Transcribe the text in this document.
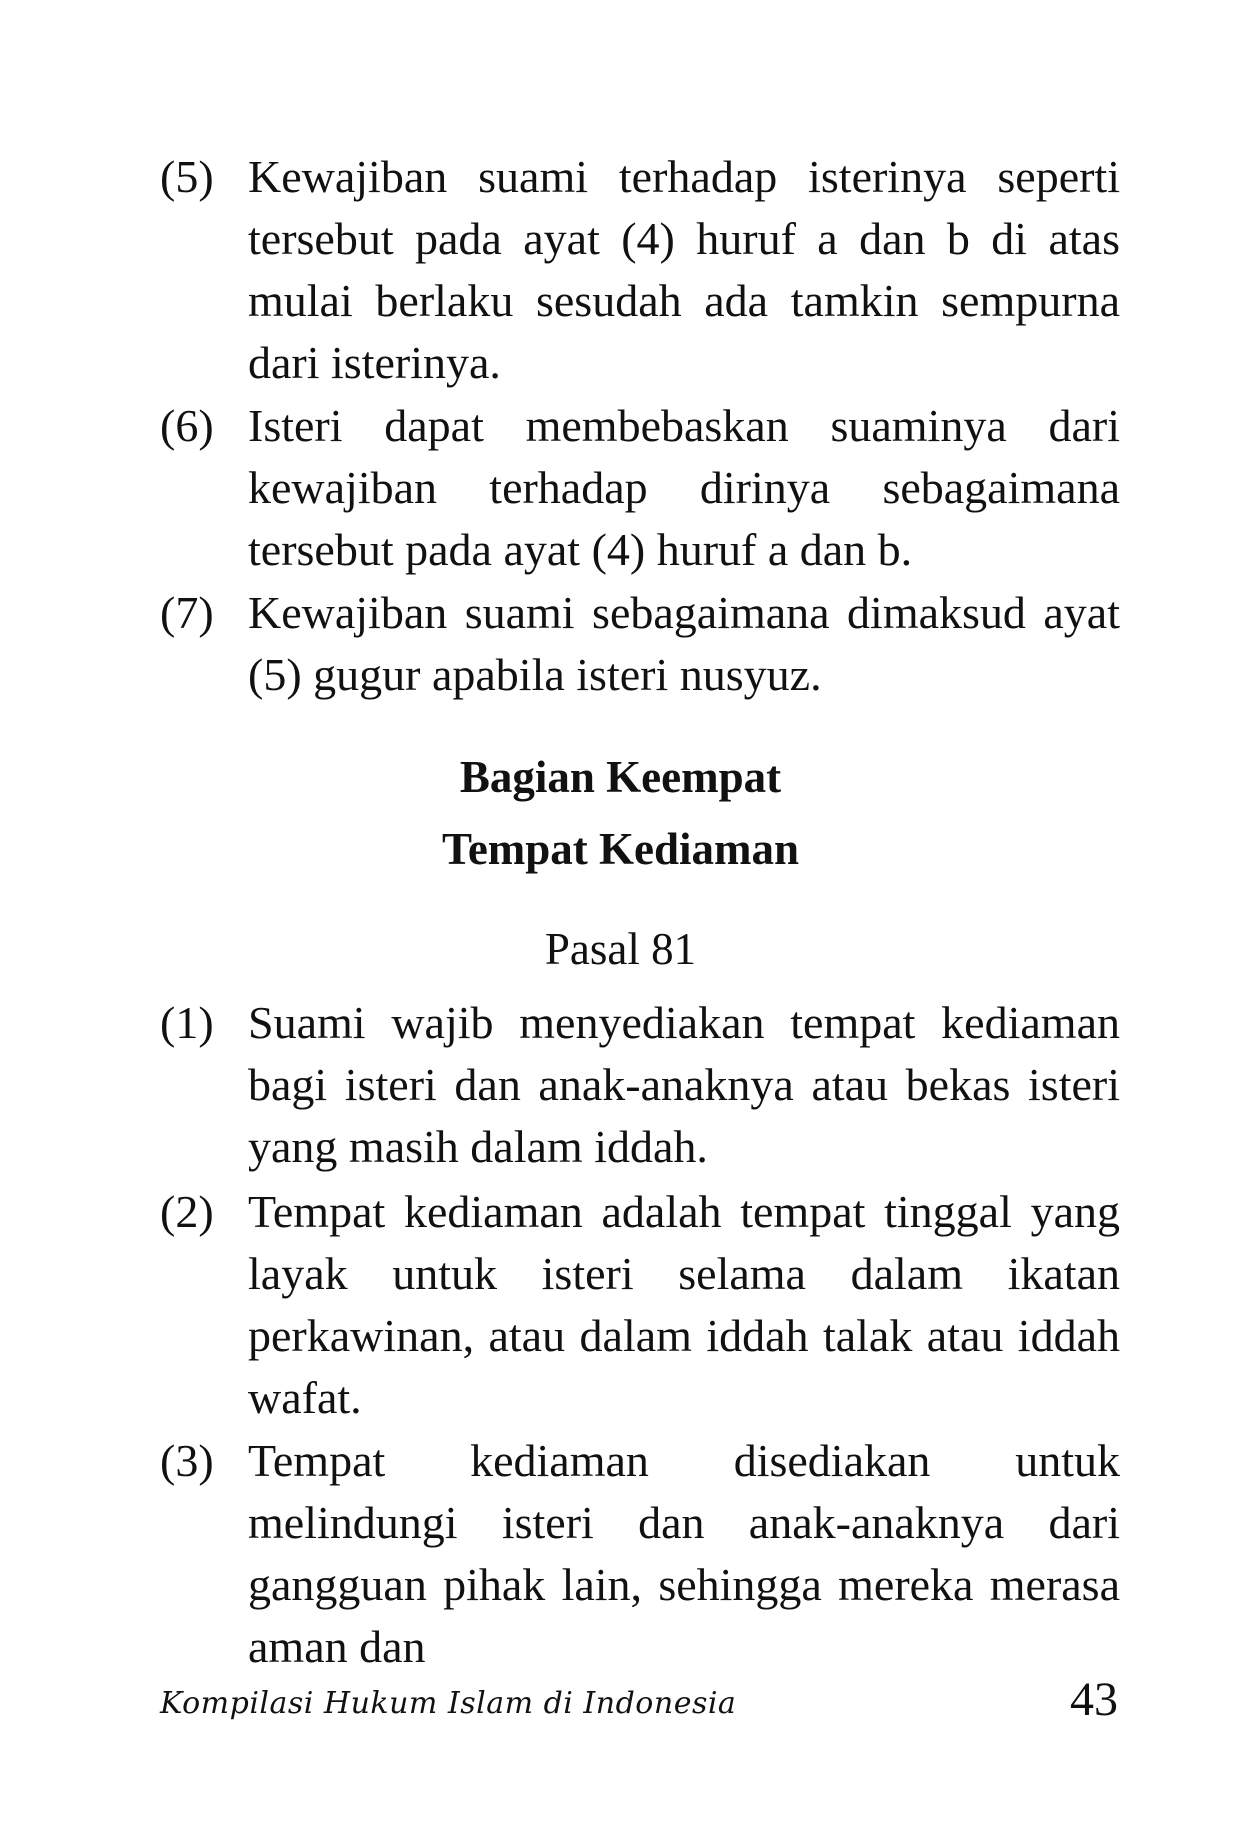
(5) Kewajiban suami terhadap isterinya seperti tersebut pada ayat (4) huruf a dan b di atas mulai berlaku sesudah ada tamkin sempurna dari isterinya.
(6) Isteri dapat membebaskan suaminya dari kewajiban terhadap dirinya sebagaimana tersebut pada ayat (4) huruf a dan b.
(7) Kewajiban suami sebagaimana dimaksud ayat (5) gugur apabila isteri nusyuz.
Bagian Keempat
Tempat Kediaman
Pasal 81
(1) Suami wajib menyediakan tempat kediaman bagi isteri dan anak-anaknya atau bekas isteri yang masih dalam iddah.
(2) Tempat kediaman adalah tempat tinggal yang layak untuk isteri selama dalam ikatan perkawinan, atau dalam iddah talak atau iddah wafat.
(3) Tempat kediaman disediakan untuk melindungi isteri dan anak-anaknya dari gangguan pihak lain, sehingga mereka merasa aman dan
Kompilasi Hukum Islam di Indonesia	43
